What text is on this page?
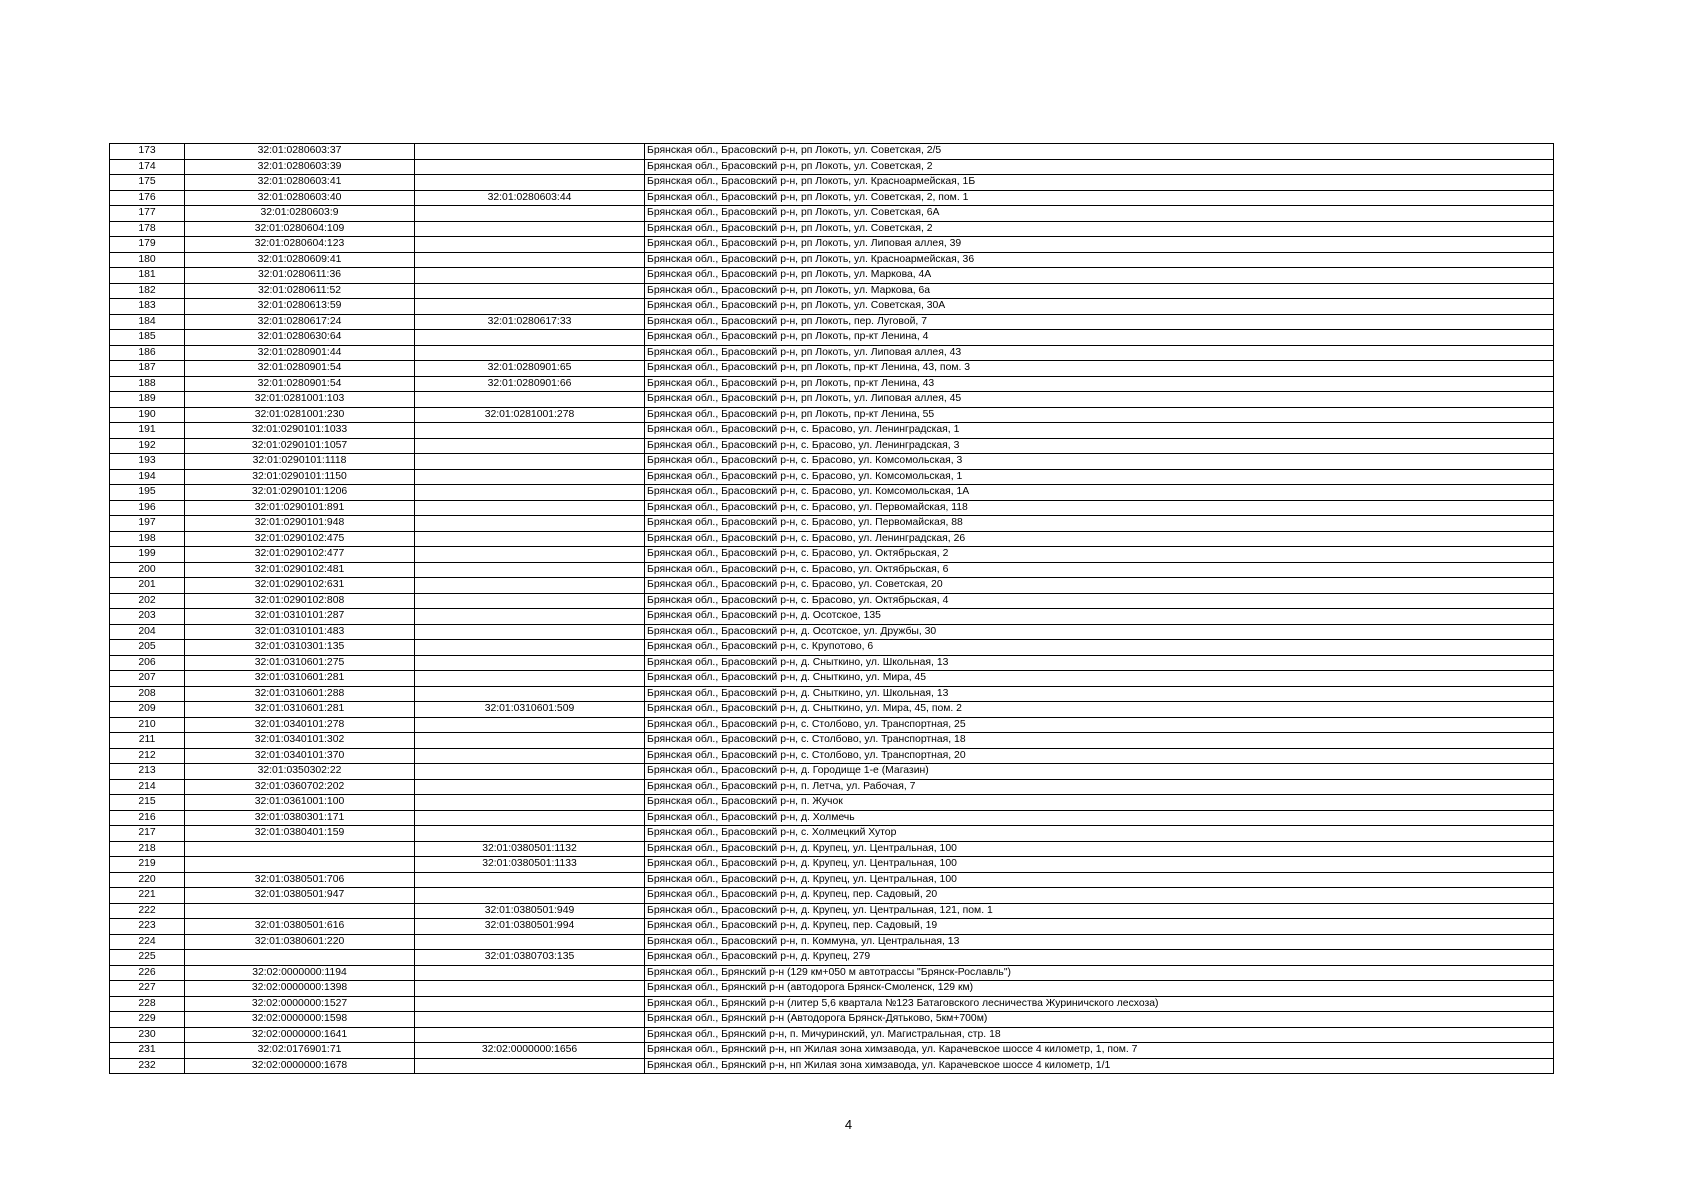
173	32:01:0280603:37		Брянская обл., Брасовский р-н, рп Локоть, ул. Советская, 2/5
174	32:01:0280603:39		Брянская обл., Брасовский р-н, рп Локоть, ул. Советская, 2
175	32:01:0280603:41		Брянская обл., Брасовский р-н, рп Локоть, ул. Красноармейская, 1Б
176	32:01:0280603:40	32:01:0280603:44	Брянская обл., Брасовский р-н, рп Локоть, ул. Советская, 2, пом. 1
177	32:01:0280603:9		Брянская обл., Брасовский р-н, рп Локоть, ул. Советская, 6А
178	32:01:0280604:109		Брянская обл., Брасовский р-н, рп Локоть, ул. Советская, 2
179	32:01:0280604:123		Брянская обл., Брасовский р-н, рп Локоть, ул. Липовая аллея, 39
180	32:01:0280609:41		Брянская обл., Брасовский р-н, рп Локоть, ул. Красноармейская, 36
181	32:01:0280611:36		Брянская обл., Брасовский р-н, рп Локоть, ул. Маркова, 4А
182	32:01:0280611:52		Брянская обл., Брасовский р-н, рп Локоть, ул. Маркова, 6а
183	32:01:0280613:59		Брянская обл., Брасовский р-н, рп Локоть, ул. Советская, 30А
184	32:01:0280617:24	32:01:0280617:33	Брянская обл., Брасовский р-н, рп Локоть, пер. Луговой, 7
185	32:01:0280630:64		Брянская обл., Брасовский р-н, рп Локоть, пр-кт Ленина, 4
186	32:01:0280901:44		Брянская обл., Брасовский р-н, рп Локоть, ул. Липовая аллея, 43
187	32:01:0280901:54	32:01:0280901:65	Брянская обл., Брасовский р-н, рп Локоть, пр-кт Ленина, 43, пом. 3
188	32:01:0280901:54	32:01:0280901:66	Брянская обл., Брасовский р-н, рп Локоть, пр-кт Ленина, 43
189	32:01:0281001:103		Брянская обл., Брасовский р-н, рп Локоть, ул. Липовая аллея, 45
190	32:01:0281001:230	32:01:0281001:278	Брянская обл., Брасовский р-н, рп Локоть, пр-кт Ленина, 55
191	32:01:0290101:1033		Брянская обл., Брасовский р-н, с. Брасово, ул. Ленинградская, 1
192	32:01:0290101:1057		Брянская обл., Брасовский р-н, с. Брасово, ул. Ленинградская, 3
193	32:01:0290101:1118		Брянская обл., Брасовский р-н, с. Брасово, ул. Комсомольская, 3
194	32:01:0290101:1150		Брянская обл., Брасовский р-н, с. Брасово, ул. Комсомольская, 1
195	32:01:0290101:1206		Брянская обл., Брасовский р-н, с. Брасово, ул. Комсомольская, 1А
196	32:01:0290101:891		Брянская обл., Брасовский р-н, с. Брасово, ул. Первомайская, 118
197	32:01:0290101:948		Брянская обл., Брасовский р-н, с. Брасово, ул. Первомайская, 88
198	32:01:0290102:475		Брянская обл., Брасовский р-н, с. Брасово, ул. Ленинградская, 26
199	32:01:0290102:477		Брянская обл., Брасовский р-н, с. Брасово, ул. Октябрьская, 2
200	32:01:0290102:481		Брянская обл., Брасовский р-н, с. Брасово, ул. Октябрьская, 6
201	32:01:0290102:631		Брянская обл., Брасовский р-н, с. Брасово, ул. Советская, 20
202	32:01:0290102:808		Брянская обл., Брасовский р-н, с. Брасово, ул. Октябрьская, 4
203	32:01:0310101:287		Брянская обл., Брасовский р-н, д. Осотское, 135
204	32:01:0310101:483		Брянская обл., Брасовский р-н, д. Осотское, ул. Дружбы, 30
205	32:01:0310301:135		Брянская обл., Брасовский р-н, с. Крупотово, 6
206	32:01:0310601:275		Брянская обл., Брасовский р-н, д. Сныткино, ул. Школьная, 13
207	32:01:0310601:281		Брянская обл., Брасовский р-н, д. Сныткино, ул. Мира, 45
208	32:01:0310601:288		Брянская обл., Брасовский р-н, д. Сныткино, ул. Школьная, 13
209	32:01:0310601:281	32:01:0310601:509	Брянская обл., Брасовский р-н, д. Сныткино, ул. Мира, 45, пом. 2
210	32:01:0340101:278		Брянская обл., Брасовский р-н, с. Столбово, ул. Транспортная, 25
211	32:01:0340101:302		Брянская обл., Брасовский р-н, с. Столбово, ул. Транспортная, 18
212	32:01:0340101:370		Брянская обл., Брасовский р-н, с. Столбово, ул. Транспортная, 20
213	32:01:0350302:22		Брянская обл., Брасовский р-н, д. Городище 1-е (Магазин)
214	32:01:0360702:202		Брянская обл., Брасовский р-н, п. Летча, ул. Рабочая, 7
215	32:01:0361001:100		Брянская обл., Брасовский р-н, п. Жучок
216	32:01:0380301:171		Брянская обл., Брасовский р-н, д. Холмечь
217	32:01:0380401:159		Брянская обл., Брасовский р-н, с. Холмецкий Хутор
218		32:01:0380501:1132	Брянская обл., Брасовский р-н, д. Крупец, ул. Центральная, 100
219		32:01:0380501:1133	Брянская обл., Брасовский р-н, д. Крупец, ул. Центральная, 100
220	32:01:0380501:706		Брянская обл., Брасовский р-н, д. Крупец, ул. Центральная, 100
221	32:01:0380501:947		Брянская обл., Брасовский р-н, д. Крупец, пер. Садовый, 20
222		32:01:0380501:949	Брянская обл., Брасовский р-н, д. Крупец, ул. Центральная, 121, пом. 1
223	32:01:0380501:616	32:01:0380501:994	Брянская обл., Брасовский р-н, д. Крупец, пер. Садовый, 19
224	32:01:0380601:220		Брянская обл., Брасовский р-н, п. Коммуна, ул. Центральная, 13
225		32:01:0380703:135	Брянская обл., Брасовский р-н, д. Крупец, 279
226	32:02:0000000:1194		Брянская обл., Брянский р-н (129 км+050 м автотрассы "Брянск-Рославль")
227	32:02:0000000:1398		Брянская обл., Брянский р-н (автодорога Брянск-Смоленск, 129 км)
228	32:02:0000000:1527		Брянская обл., Брянский р-н (литер 5,6 квартала №123 Батаговского лесничества Журиничского лесхоза)
229	32:02:0000000:1598		Брянская обл., Брянский р-н (Автодорога Брянск-Дятьково, 5км+700м)
230	32:02:0000000:1641		Брянская обл., Брянский р-н, п. Мичуринский, ул. Магистральная, стр. 18
231	32:02:0176901:71	32:02:0000000:1656	Брянская обл., Брянский р-н, нп Жилая зона химзавода, ул. Карачевское шоссе 4 километр, 1, пом. 7
232	32:02:0000000:1678		Брянская обл., Брянский р-н, нп Жилая зона химзавода, ул. Карачевское шоссе 4 километр, 1/1
4
